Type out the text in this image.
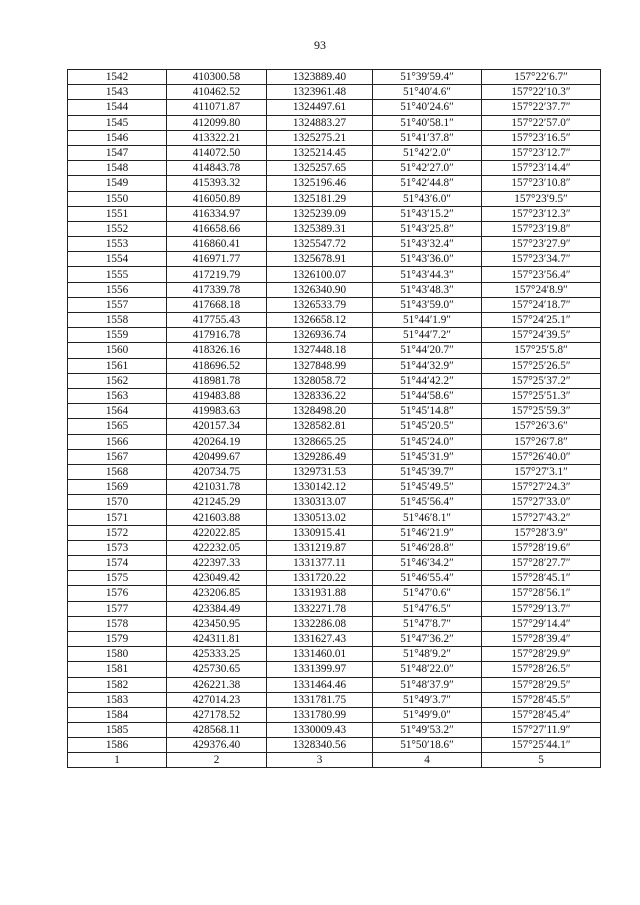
93
1542	410300.58	1323889.40	51°39′59.4″	157°22′6.7″
1543	410462.52	1323961.48	51°40′4.6″	157°22′10.3″
1544	411071.87	1324497.61	51°40′24.6″	157°22′37.7″
1545	412099.80	1324883.27	51°40′58.1″	157°22′57.0″
1546	413322.21	1325275.21	51°41′37.8″	157°23′16.5″
1547	414072.50	1325214.45	51°42′2.0″	157°23′12.7″
1548	414843.78	1325257.65	51°42′27.0″	157°23′14.4″
1549	415393.32	1325196.46	51°42′44.8″	157°23′10.8″
1550	416050.89	1325181.29	51°43′6.0″	157°23′9.5″
1551	416334.97	1325239.09	51°43′15.2″	157°23′12.3″
1552	416658.66	1325389.31	51°43′25.8″	157°23′19.8″
1553	416860.41	1325547.72	51°43′32.4″	157°23′27.9″
1554	416971.77	1325678.91	51°43′36.0″	157°23′34.7″
1555	417219.79	1326100.07	51°43′44.3″	157°23′56.4″
1556	417339.78	1326340.90	51°43′48.3″	157°24′8.9″
1557	417668.18	1326533.79	51°43′59.0″	157°24′18.7″
1558	417755.43	1326658.12	51°44′1.9″	157°24′25.1″
1559	417916.78	1326936.74	51°44′7.2″	157°24′39.5″
1560	418326.16	1327448.18	51°44′20.7″	157°25′5.8″
1561	418696.52	1327848.99	51°44′32.9″	157°25′26.5″
1562	418981.78	1328058.72	51°44′42.2″	157°25′37.2″
1563	419483.88	1328336.22	51°44′58.6″	157°25′51.3″
1564	419983.63	1328498.20	51°45′14.8″	157°25′59.3″
1565	420157.34	1328582.81	51°45′20.5″	157°26′3.6″
1566	420264.19	1328665.25	51°45′24.0″	157°26′7.8″
1567	420499.67	1329286.49	51°45′31.9″	157°26′40.0″
1568	420734.75	1329731.53	51°45′39.7″	157°27′3.1″
1569	421031.78	1330142.12	51°45′49.5″	157°27′24.3″
1570	421245.29	1330313.07	51°45′56.4″	157°27′33.0″
1571	421603.88	1330513.02	51°46′8.1″	157°27′43.2″
1572	422022.85	1330915.41	51°46′21.9″	157°28′3.9″
1573	422232.05	1331219.87	51°46′28.8″	157°28′19.6″
1574	422397.33	1331377.11	51°46′34.2″	157°28′27.7″
1575	423049.42	1331720.22	51°46′55.4″	157°28′45.1″
1576	423206.85	1331931.88	51°47′0.6″	157°28′56.1″
1577	423384.49	1332271.78	51°47′6.5″	157°29′13.7″
1578	423450.95	1332286.08	51°47′8.7″	157°29′14.4″
1579	424311.81	1331627.43	51°47′36.2″	157°28′39.4″
1580	425333.25	1331460.01	51°48′9.2″	157°28′29.9″
1581	425730.65	1331399.97	51°48′22.0″	157°28′26.5″
1582	426221.38	1331464.46	51°48′37.9″	157°28′29.5″
1583	427014.23	1331781.75	51°49′3.7″	157°28′45.5″
1584	427178.52	1331780.99	51°49′9.0″	157°28′45.4″
1585	428568.11	1330009.43	51°49′53.2″	157°27′11.9″
1586	429376.40	1328340.56	51°50′18.6″	157°25′44.1″
1	2	3	4	5
